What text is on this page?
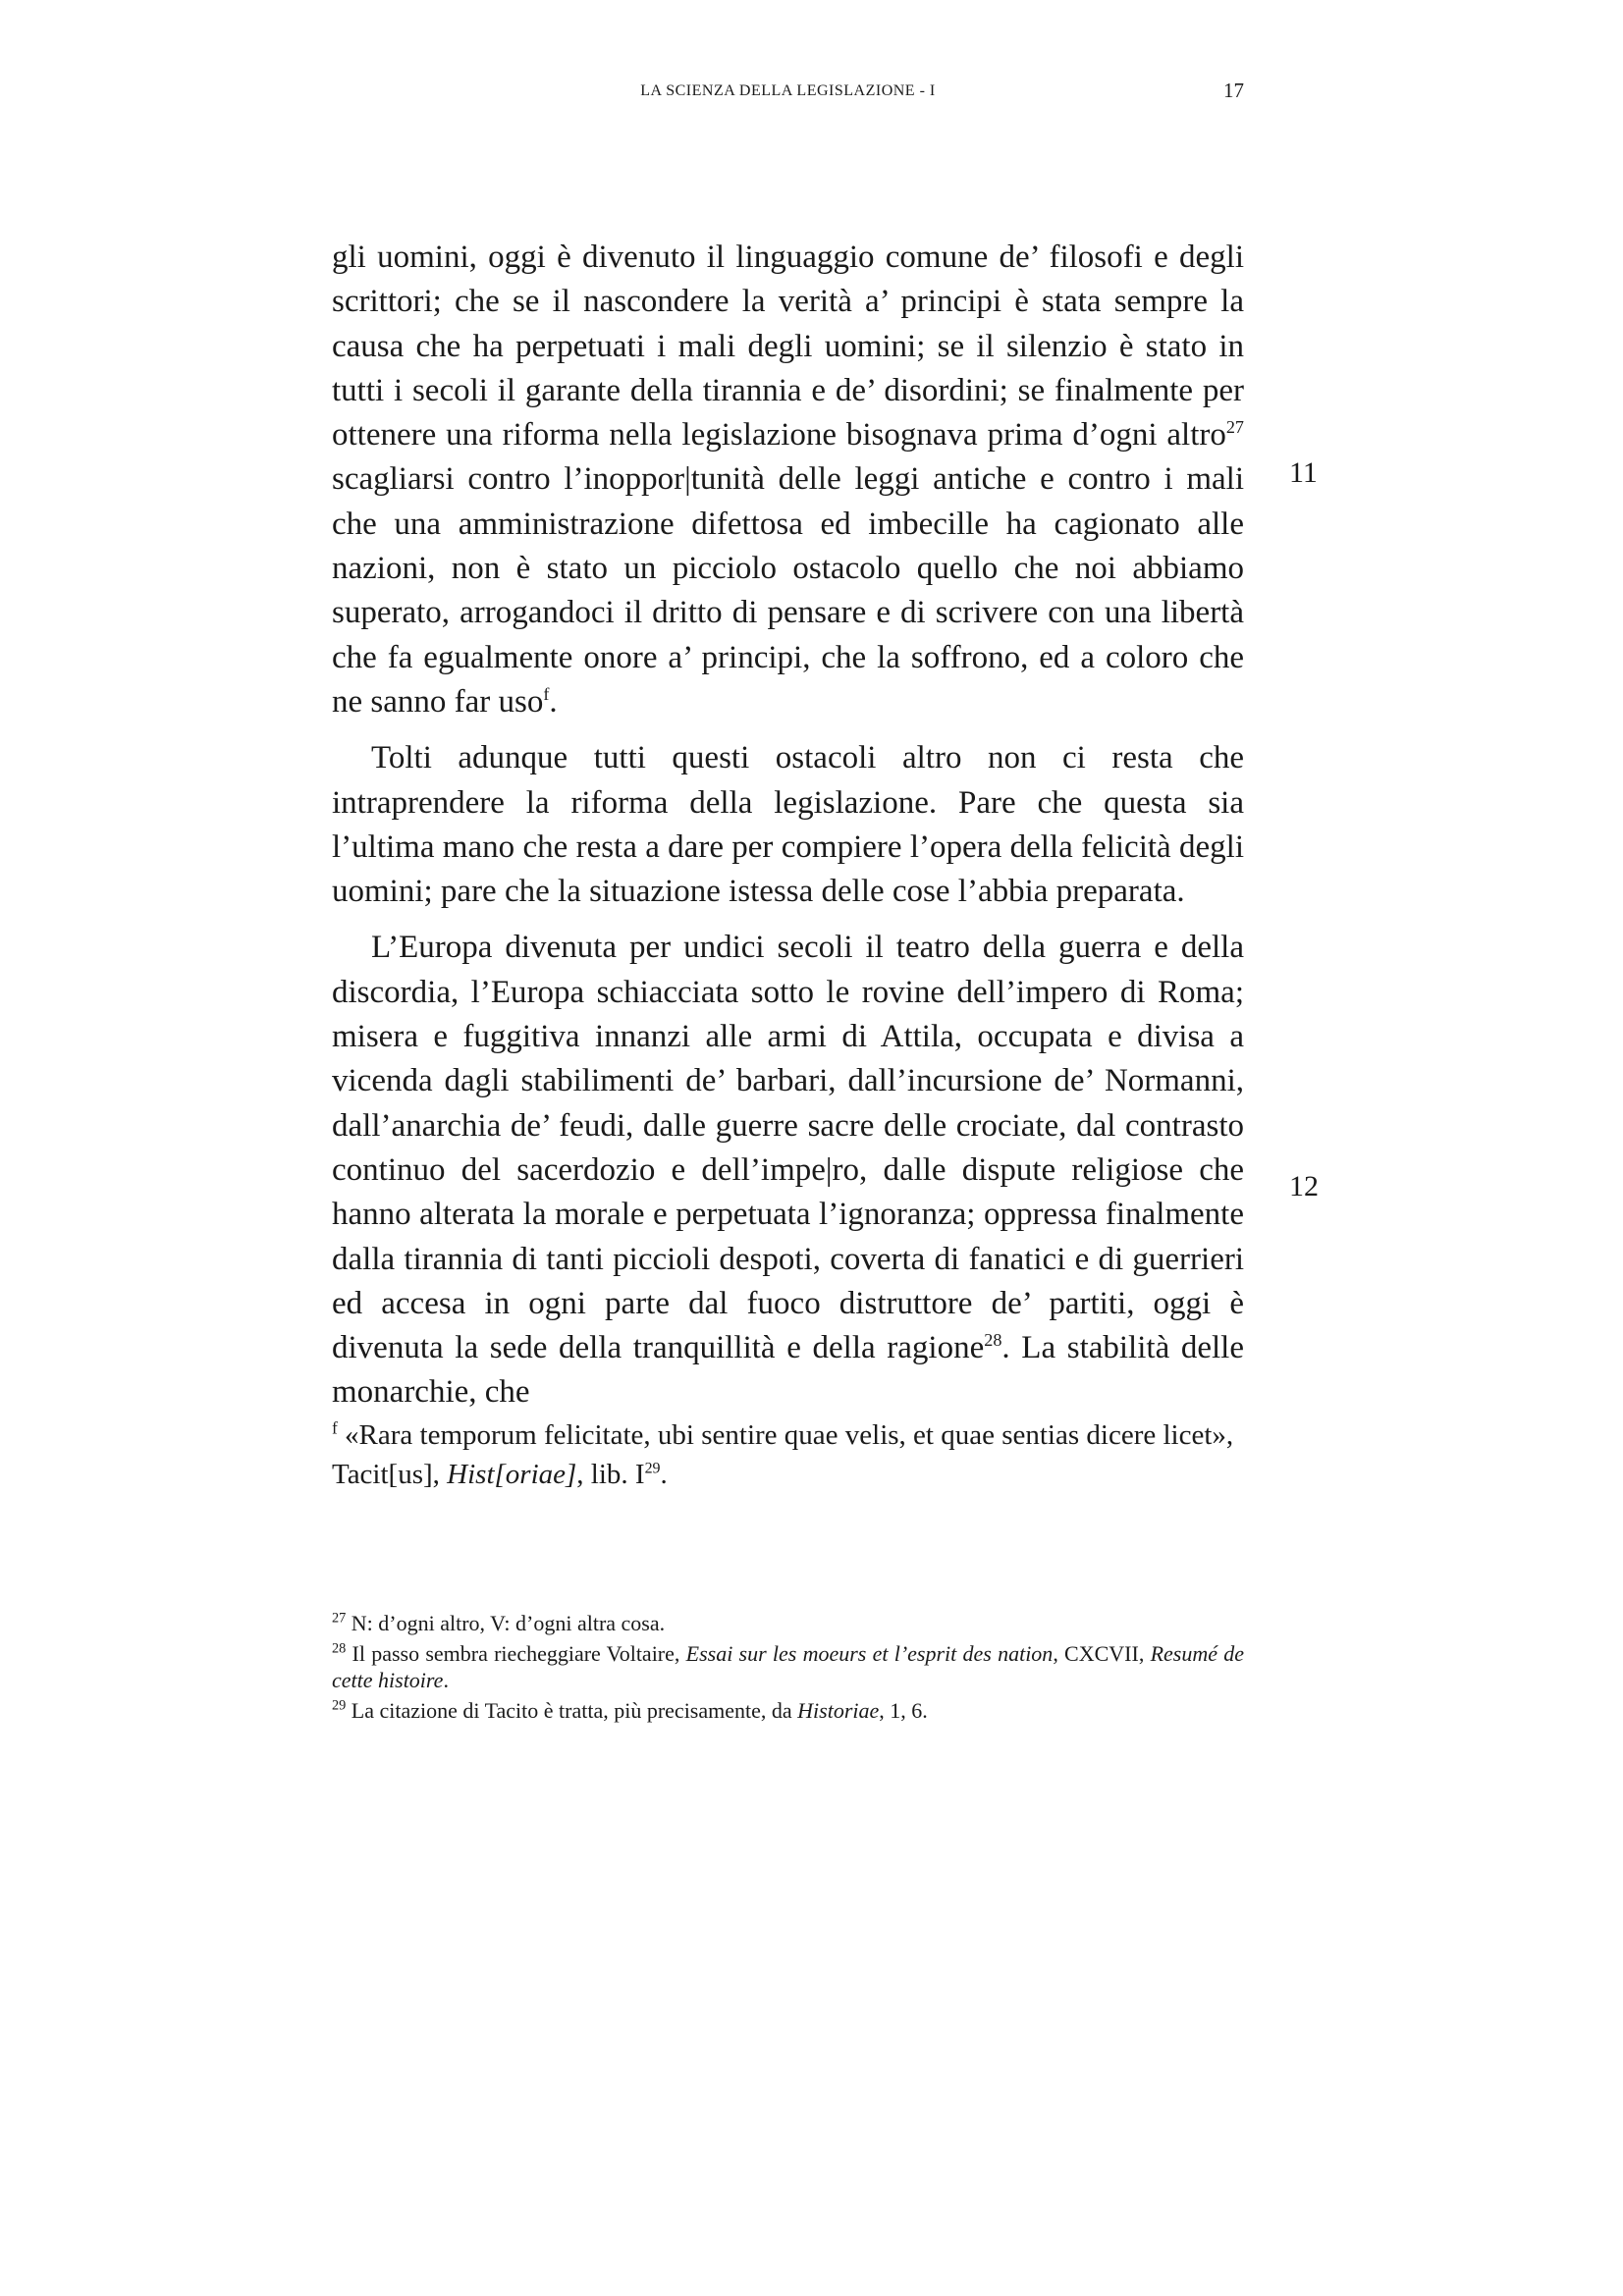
LA SCIENZA DELLA LEGISLAZIONE - I	17

gli uomini, oggi è divenuto il linguaggio comune de’ filosofi e degli scrittori; che se il nascondere la verità a’ principi è stata sempre la causa che ha perpetuati i mali degli uomini; se il silenzio è stato in tutti i secoli il garante della tirannia e de’ disordini; se finalmente per ottenere una riforma nella legislazione bisognava prima d’ogni altro$^{27}$ scagliarsi contro l’inoppor|tunità delle leggi antiche e contro i mali che una amministrazione difettosa ed imbecille ha cagionato alle nazioni, non è stato un picciolo ostacolo quello che noi abbiamo superato, arrogandoci il dritto di pensare e di scrivere con una libertà che fa egualmente onore a’ principi, che la soffrono, ed a coloro che ne sanno far uso$^f$.

Tolti adunque tutti questi ostacoli altro non ci resta che intraprendere la riforma della legislazione. Pare che questa sia l’ultima mano che resta a dare per compiere l’opera della felicità degli uomini; pare che la situazione istessa delle cose l’abbia preparata.

L’Europa divenuta per undici secoli il teatro della guerra e della discordia, l’Europa schiacciata sotto le rovine dell’impero di Roma; misera e fuggitiva innanzi alle armi di Attila, occupata e divisa a vicenda dagli stabilimenti de’ barbari, dall’incursione de’ Normanni, dall’anarchia de’ feudi, dalle guerre sacre delle crociate, dal contrasto continuo del sacerdozio e dell’impe|ro, dalle dispute religiose che hanno alterata la morale e perpetuata l’ignoranza; oppressa finalmente dalla tirannia di tanti piccioli despoti, coverta di fanatici e di guerrieri ed accesa in ogni parte dal fuoco distruttore de’ partiti, oggi è divenuta la sede della tranquillità e della ragione$^{28}$. La stabilità delle monarchie, che

11
12

$^f$ «Rara temporum felicitate, ubi sentire quae velis, et quae sentias dicere licet», Tacit[us], Hist[oriae], lib. $I^{29}$.

$^{27}$ N: d’ogni altro, V: d’ogni altra cosa.

$^{28}$ Il passo sembra riecheggiare Voltaire, Essai sur les moeurs et l’esprit des nation, CXCVII, Resumé de cette histoire.

$^{29}$ La citazione di Tacito è tratta, più precisamente, da Historiae, 1, 6.
